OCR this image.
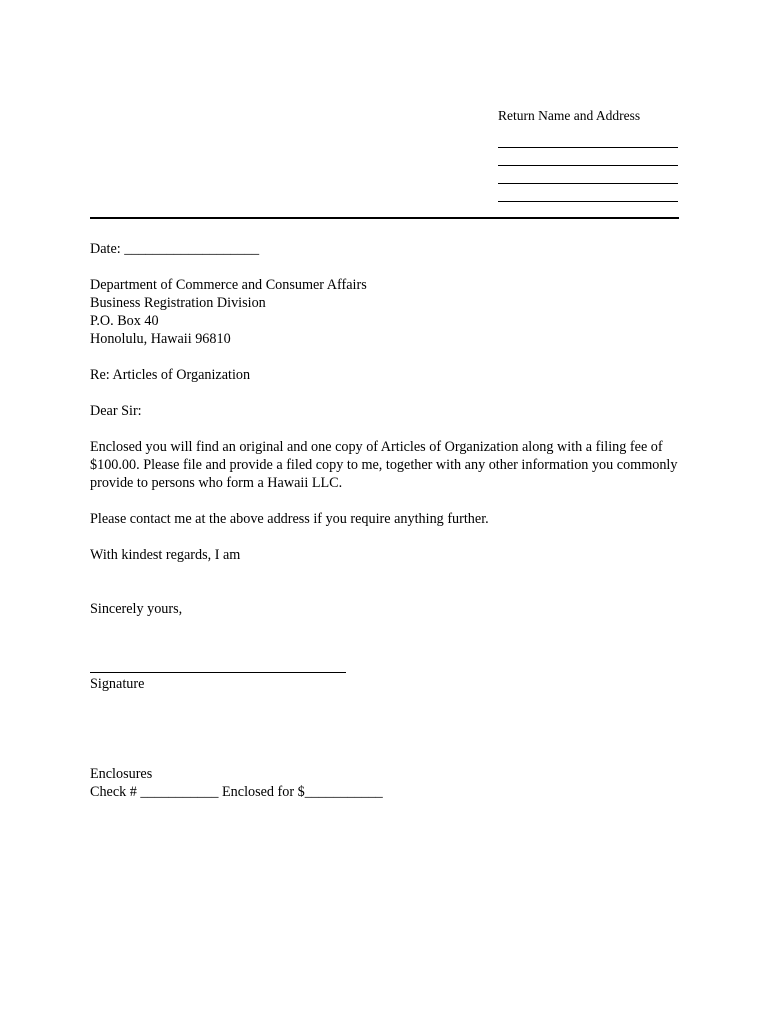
Return Name and Address
Date: ___________________
Department of Commerce and Consumer Affairs
Business Registration Division
P.O. Box 40
Honolulu, Hawaii 96810
Re: Articles of Organization
Dear Sir:
Enclosed you will find an original and one copy of Articles of Organization along with a filing fee of $100.00. Please file and provide a filed copy to me, together with any other information you commonly provide to persons who form a Hawaii LLC.
Please contact me at the above address if you require anything further.
With kindest regards, I am
Sincerely yours,
Signature
Enclosures
Check # ___________ Enclosed for $___________
